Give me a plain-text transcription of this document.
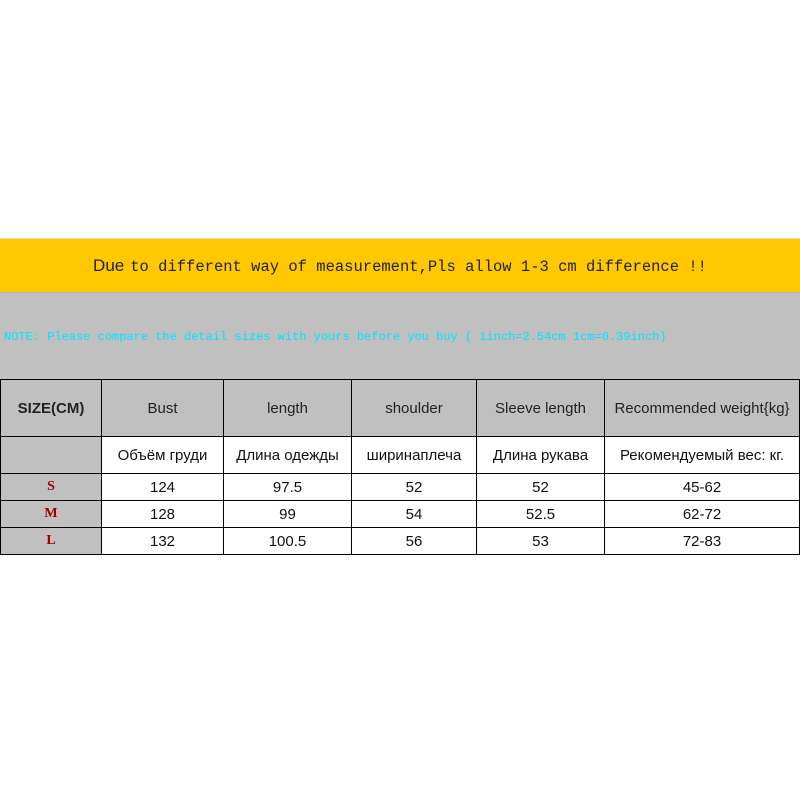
Due to different way of measurement,Pls allow 1-3 cm difference !!
NOTE: Please compare the detail sizes with yours before you buy ( 1inch=2.54cm 1cm=0.39inch)
SIZE(CM)	Bust	length	shoulder	Sleeve length	Recommended weight{kg}
	Объём груди	Длина одежды	ширинаплеча	Длина рукава	Рекомендуемый вес: кг.
S	124	97.5	52	52	45-62
M	128	99	54	52.5	62-72
L	132	100.5	56	53	72-83
